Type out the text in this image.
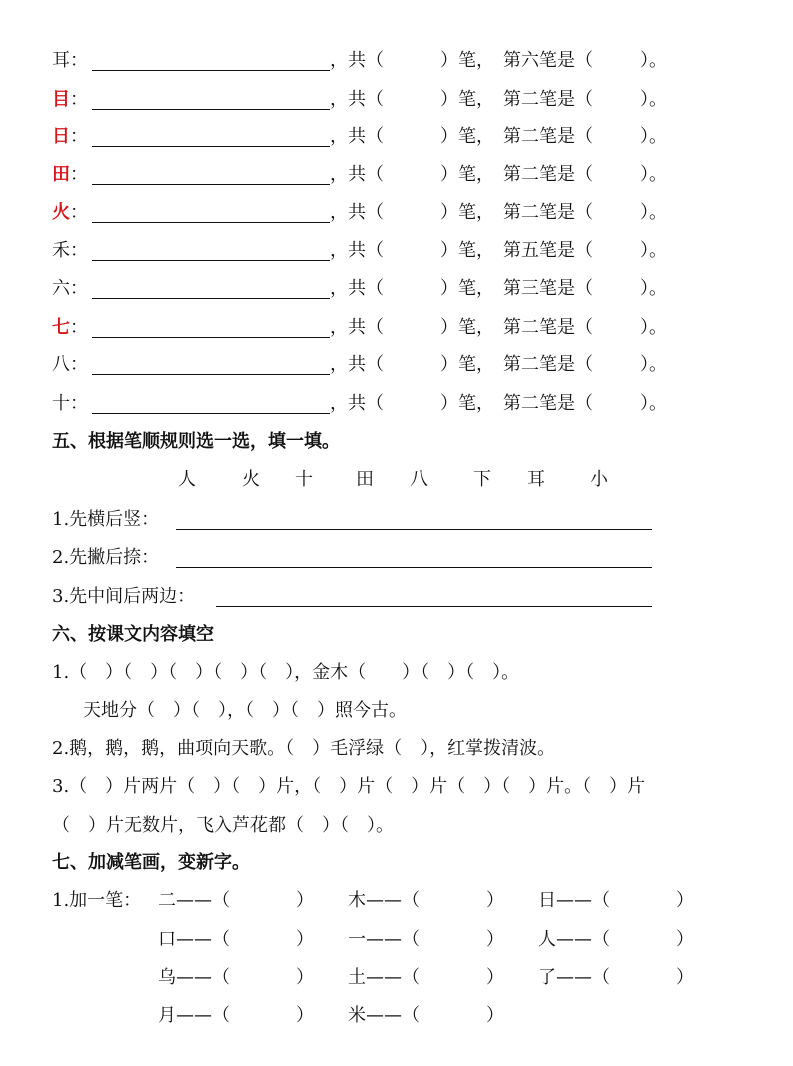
耳 ：	，共（	）笔， 第六笔是（	）。
目 ：	，共（	）笔， 第二笔是（	）。
日 ：	，共（	）笔， 第二笔是（	）。
田 ：	，共（	）笔， 第二笔是（	）。
火 ：	，共（	）笔， 第二笔是（	）。
禾 ：	，共（	）笔， 第五笔是（	）。
六 ：	，共（	）笔， 第三笔是（	）。
七 ：	，共（	）笔， 第二笔是（	）。
八 ：	，共（	）笔， 第二笔是（	）。
十 ：	，共（	）笔， 第二笔是（	）。
五、根据笔顺规则选一选，填一填。
人	火 十 田 八	下 耳	小
1.先横后竖：
2.先撇后捺：
3.先中间后两边：
六、按课文内容填空
1.（　）（　）（　）（　）（　），金木（　　）（　）（　）。
天地分（　）（　），（　）（　）照今古。
2.鹅，鹅，鹅，曲项向天歌。（　）毛浮绿（　），红掌拨清波。
3.（　）片两片（　）（　）片，（　）片（　）片（　）（　）片。（　）片
（　）片无数片，飞入芦花都（　）（　）。
七、加减笔画，变新字。
1.加一笔： 二 ——（	） 木 ——（	） 日 ——（	）
口 ——（	） 一 ——（	） 人 ——（	）
乌 ——（	） 土 ——（	） 了 ——（	）
月 ——（	） 米 ——（	）
